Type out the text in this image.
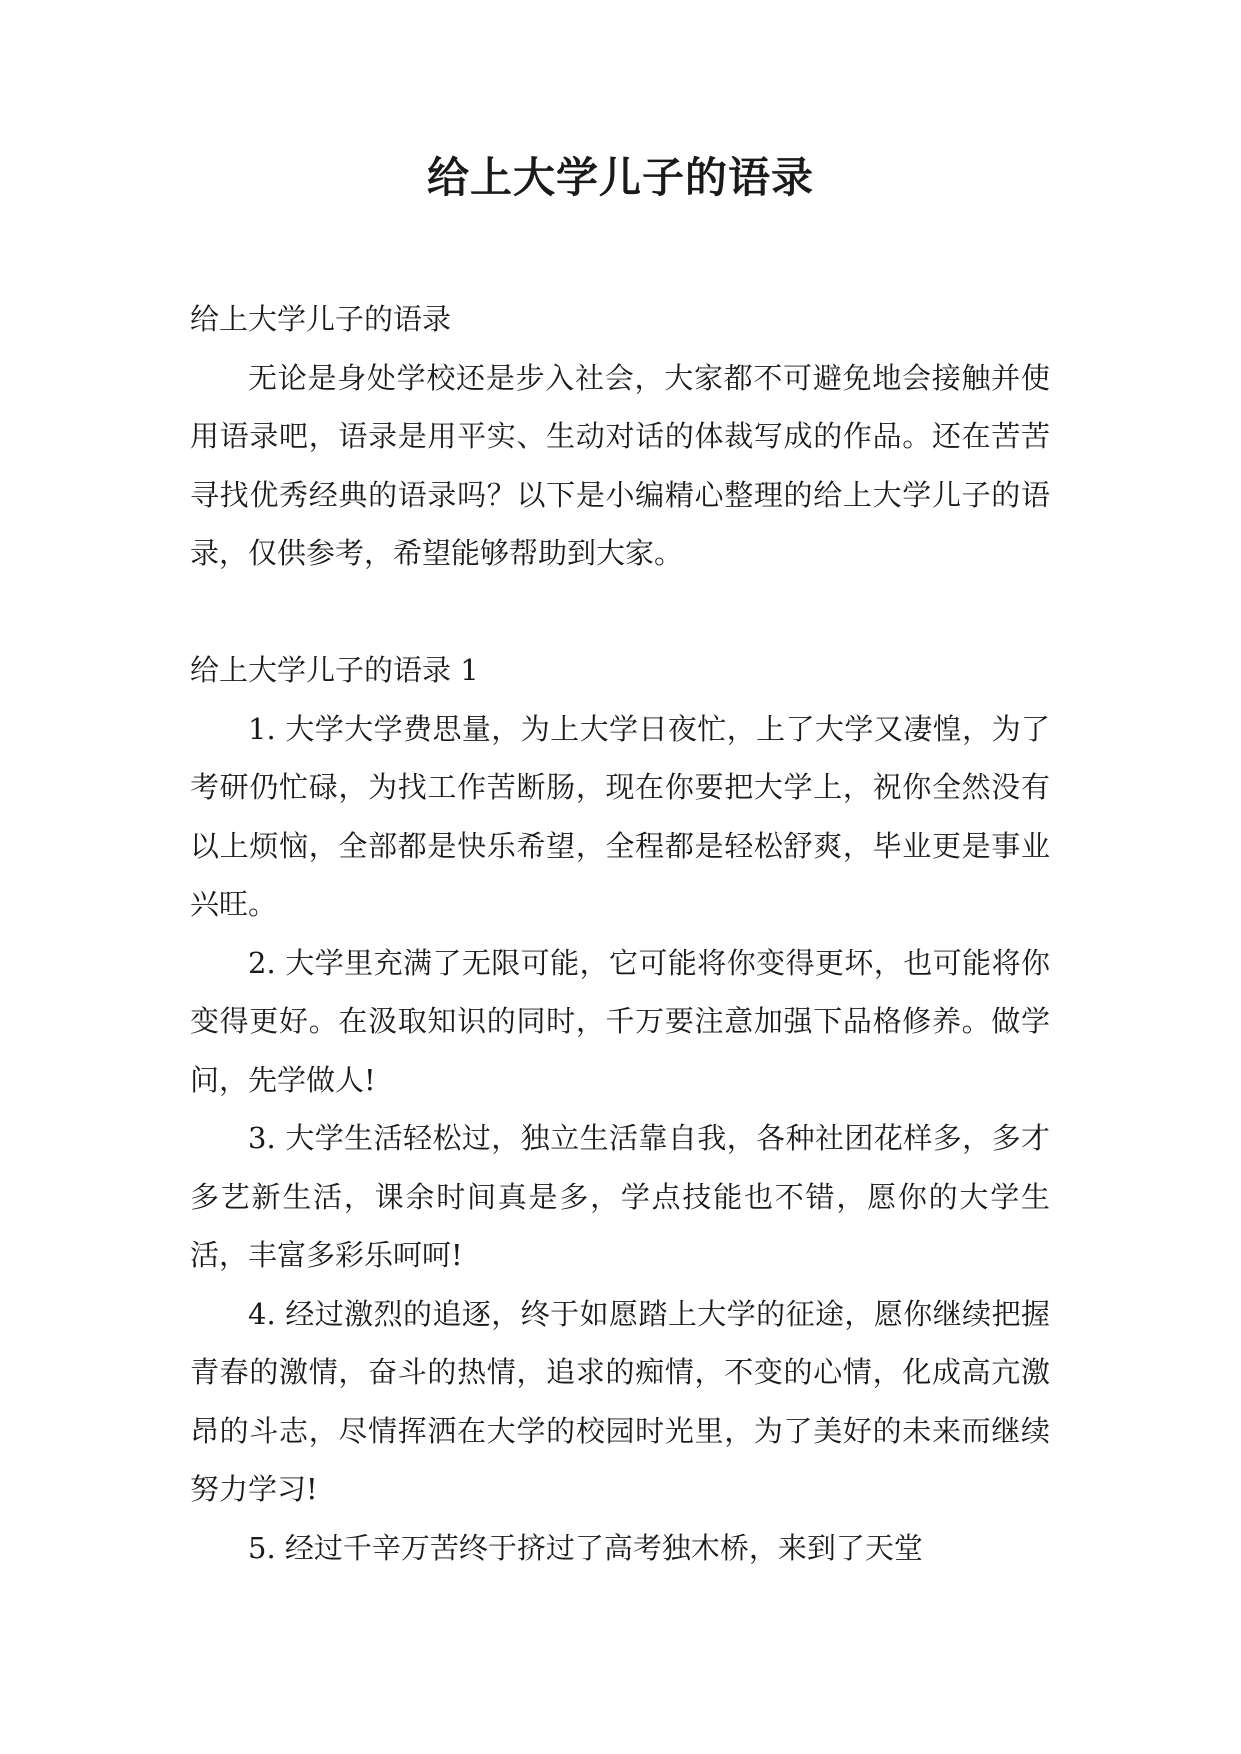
给上大学儿子的语录

给上大学儿子的语录

无论是身处学校还是步入社会，大家都不可避免地会接触并使用语录吧，语录是用平实、生动对话的体裁写成的作品。还在苦苦寻找优秀经典的语录吗？以下是小编精心整理的给上大学儿子的语录，仅供参考，希望能够帮助到大家。

给上大学儿子的语录 1

1. 大学大学费思量，为上大学日夜忙，上了大学又凄惶，为了考研仍忙碌，为找工作苦断肠，现在你要把大学上，祝你全然没有以上烦恼，全部都是快乐希望，全程都是轻松舒爽，毕业更是事业兴旺。

2. 大学里充满了无限可能，它可能将你变得更坏，也可能将你变得更好。在汲取知识的同时，千万要注意加强下品格修养。做学问，先学做人!

3. 大学生活轻松过，独立生活靠自我，各种社团花样多，多才多艺新生活，课余时间真是多，学点技能也不错，愿你的大学生活，丰富多彩乐呵呵!

4. 经过激烈的追逐，终于如愿踏上大学的征途，愿你继续把握青春的激情，奋斗的热情，追求的痴情，不变的心情，化成高亢激昂的斗志，尽情挥洒在大学的校园时光里，为了美好的未来而继续努力学习!

5. 经过千辛万苦终于挤过了高考独木桥，来到了天堂
